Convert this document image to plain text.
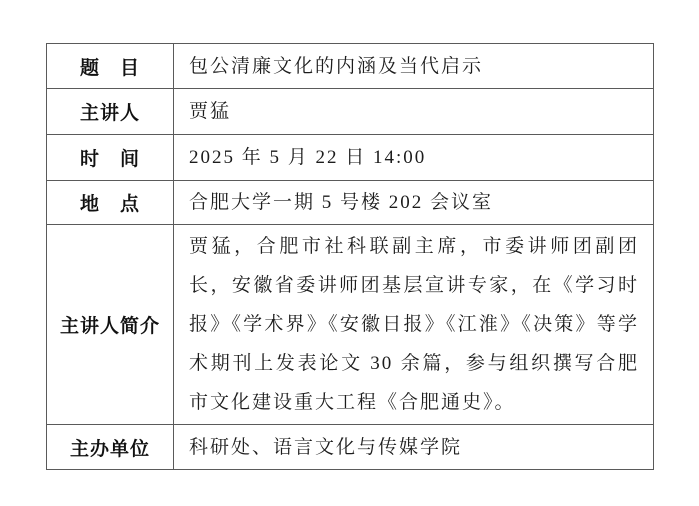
题　目	包公清廉文化的内涵及当代启示
主讲人	贾猛
时　间	2025 年 5 月 22 日 14:00
地　点	合肥大学一期 5 号楼 202 会议室
主讲人简介	贾猛，合肥市社科联副主席，市委讲师团副团长，安徽省委讲师团基层宣讲专家，在《学习时报》《学术界》《安徽日报》《江淮》《决策》等学术期刊上发表论文 30 余篇，参与组织撰写合肥市文化建设重大工程《合肥通史》。
主办单位	科研处、语言文化与传媒学院
